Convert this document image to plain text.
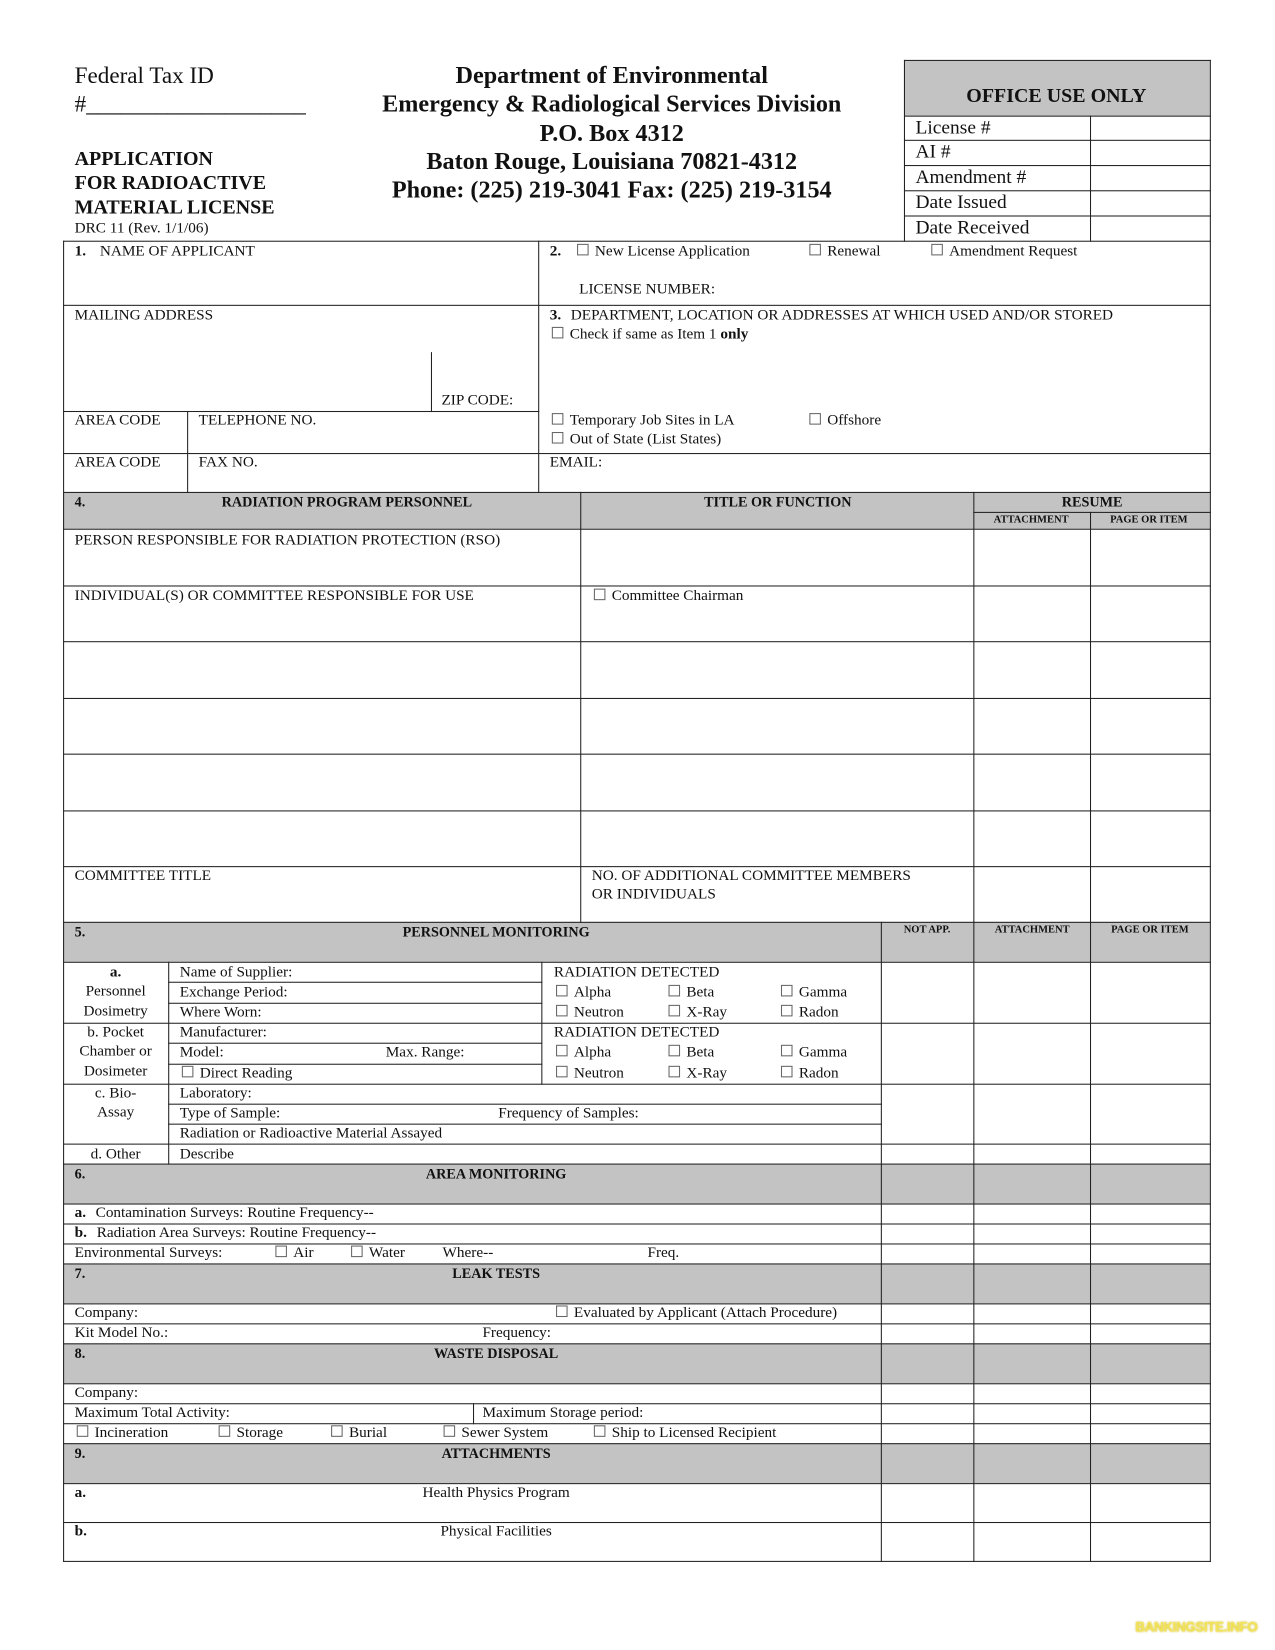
Federal Tax ID
#___________________
APPLICATION
FOR RADIOACTIVE
MATERIAL LICENSE
DRC 11 (Rev. 1/1/06)
Department of Environmental
Emergency & Radiological Services Division
P.O. Box 4312
Baton Rouge, Louisiana 70821-4312
Phone: (225) 219-3041 Fax: (225) 219-3154
OFFICE USE ONLY
License #
AI #
Amendment #
Date Issued
Date Received
1. NAME OF APPLICANT	2.	New License Application	Renewal	Amendment Request
LICENSE NUMBER:
MAILING ADDRESS
ZIP CODE:
3. DEPARTMENT, LOCATION OR ADDRESSES AT WHICH USED AND/OR STORED
Temporary Job Sites in LA	Offshore
Out of State (List States)
AREA CODE	TELEPHONE NO.
AREA CODE	FAX NO.	EMAIL:
4.	RADIATION PROGRAM PERSONNEL	TITLE OR FUNCTION	RESUME
ATTACHMENT	PAGE OR ITEM
PERSON RESPONSIBLE FOR RADIATION PROTECTION (RSO)
INDIVIDUAL(S) OR COMMITTEE RESPONSIBLE FOR USE	Committee Chairman
COMMITTEE TITLE	NO. OF ADDITIONAL COMMITTEE MEMBERS
OR INDIVIDUALS
5.	PERSONNEL MONITORING	NOT APP.	ATTACHMENT	PAGE OR ITEM
a.
Personnel
Dosimetry
Name of Supplier:
Exchange Period:
Where Worn:
RADIATION DETECTED
Alpha	Beta	Gamma
Neutron	X-Ray	Radon
b. Pocket
Chamber or
Dosimeter
Manufacturer:
Model:	Max. Range:
Direct Reading
RADIATION DETECTED
Alpha	Beta	Gamma
Neutron	X-Ray	Radon
c. Bio-
Assay
Laboratory:
Type of Sample:	Frequency of Samples:
Radiation or Radioactive Material Assayed
d. Other	Describe
6.	AREA MONITORING
a. Contamination Surveys: Routine Frequency--
b. Radiation Area Surveys: Routine Frequency--
Environmental Surveys:	Air	Water	Where--	Freq.
7.	LEAK TESTS
Company:	Evaluated by Applicant (Attach Procedure)
Kit Model No.:	Frequency:
8.	WASTE DISPOSAL
Company:
Maximum Total Activity:	Maximum Storage period:
Incineration	Storage	Burial	Sewer System	Ship to Licensed Recipient
9.	ATTACHMENTS
a.	Health Physics Program
b.	Physical Facilities
Check if same as Item 1 only
BANKINGSITE.INFO
